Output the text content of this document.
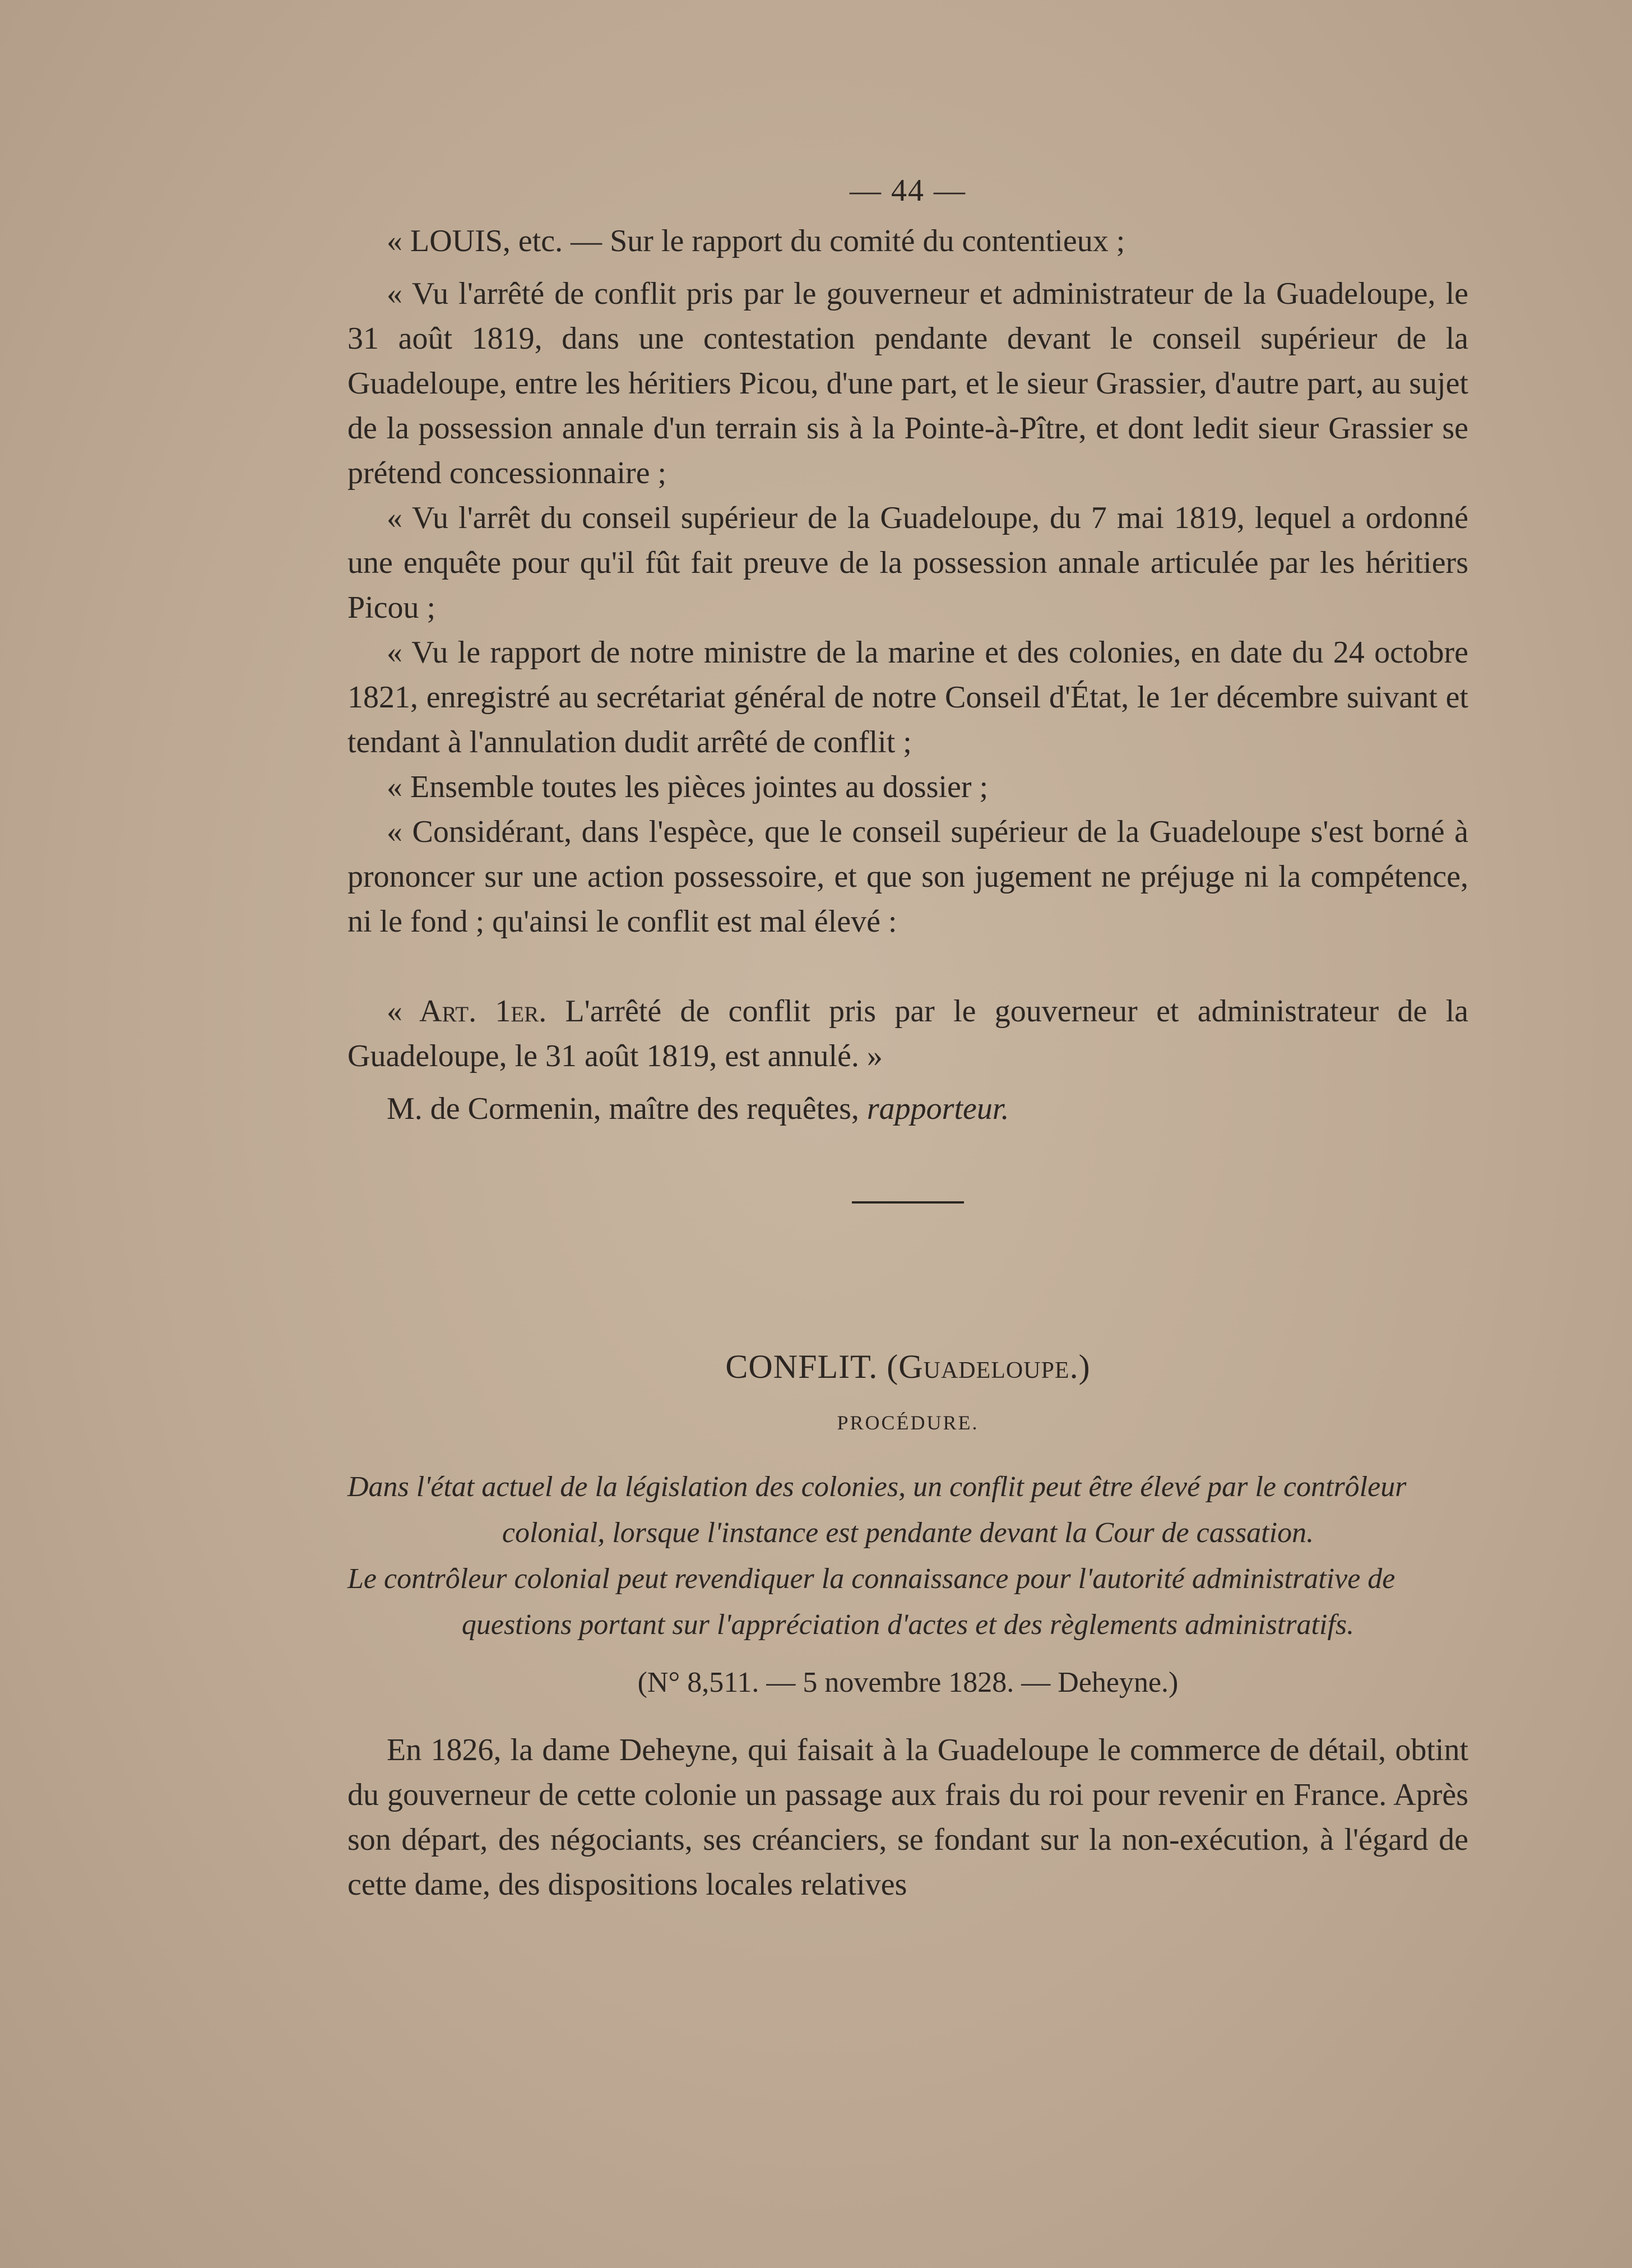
— 44 —

« LOUIS, etc. — Sur le rapport du comité du contentieux ;

« Vu l'arrêté de conflit pris par le gouverneur et administrateur de la Guadeloupe, le 31 août 1819, dans une contestation pendante devant le conseil supérieur de la Guadeloupe, entre les héritiers Picou, d'une part, et le sieur Grassier, d'autre part, au sujet de la possession annale d'un terrain sis à la Pointe-à-Pître, et dont ledit sieur Grassier se prétend concessionnaire ;

« Vu l'arrêt du conseil supérieur de la Guadeloupe, du 7 mai 1819, lequel a ordonné une enquête pour qu'il fût fait preuve de la possession annale articulée par les héritiers Picou ;

« Vu le rapport de notre ministre de la marine et des colonies, en date du 24 octobre 1821, enregistré au secrétariat général de notre Conseil d'État, le 1er décembre suivant et tendant à l'annulation dudit arrêté de conflit ;

« Ensemble toutes les pièces jointes au dossier ;

« Considérant, dans l'espèce, que le conseil supérieur de la Guadeloupe s'est borné à prononcer sur une action possessoire, et que son jugement ne préjuge ni la compétence, ni le fond ; qu'ainsi le conflit est mal élevé :

« Art. 1er. L'arrêté de conflit pris par le gouverneur et administrateur de la Guadeloupe, le 31 août 1819, est annulé. »

M. de Cormenin, maître des requêtes, rapporteur.

CONFLIT. (Guadeloupe.)
PROCÉDURE.

Dans l'état actuel de la législation des colonies, un conflit peut être élevé par le contrôleur

colonial, lorsque l'instance est pendante devant la Cour de cassation.

Le contrôleur colonial peut revendiquer la connaissance pour l'autorité administrative de

questions portant sur l'appréciation d'actes et des règlements administratifs.

(N° 8,511. — 5 novembre 1828. — Deheyne.)

En 1826, la dame Deheyne, qui faisait à la Guadeloupe le commerce de détail, obtint du gouverneur de cette colonie un passage aux frais du roi pour revenir en France. Après son départ, des négociants, ses créanciers, se fondant sur la non-exécution, à l'égard de cette dame, des dispositions locales relatives
